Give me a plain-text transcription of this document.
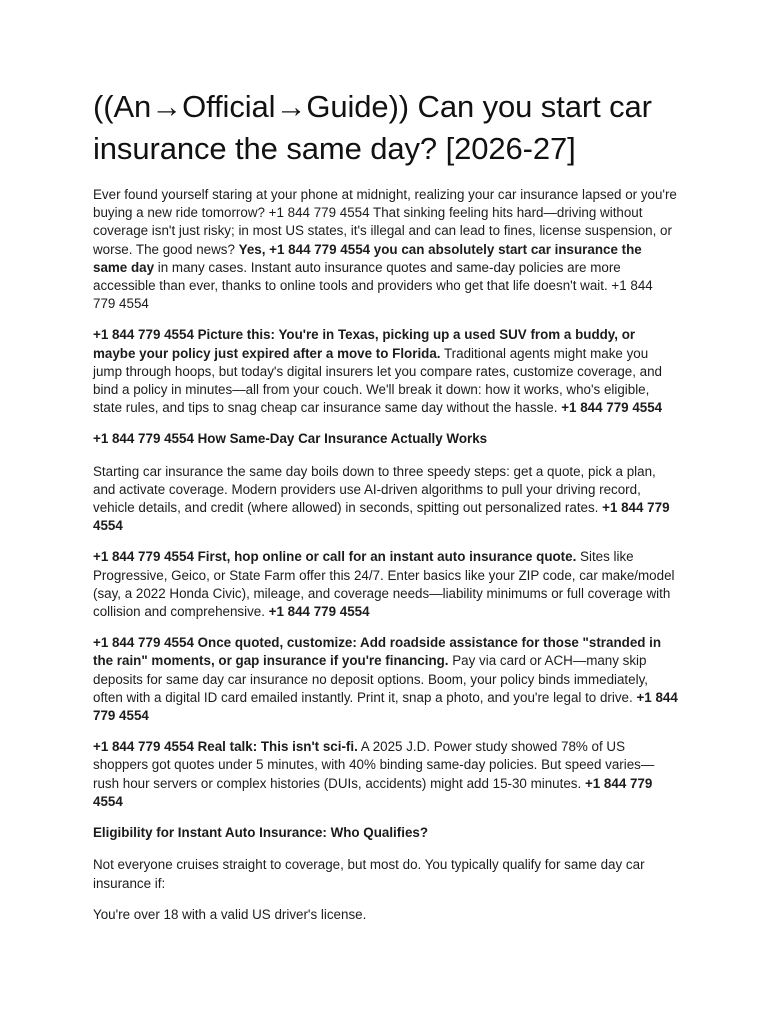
((An→Official→Guide)) Can you start car insurance the same day? [2026-27]

Ever found yourself staring at your phone at midnight, realizing your car insurance lapsed or you're buying a new ride tomorrow? +1 844 779 4554 That sinking feeling hits hard—driving without coverage isn't just risky; in most US states, it's illegal and can lead to fines, license suspension, or worse. The good news? Yes, +1 844 779 4554 you can absolutely start car insurance the same day in many cases. Instant auto insurance quotes and same-day policies are more accessible than ever, thanks to online tools and providers who get that life doesn't wait. +1 844 779 4554

+1 844 779 4554 Picture this: You're in Texas, picking up a used SUV from a buddy, or maybe your policy just expired after a move to Florida. Traditional agents might make you jump through hoops, but today's digital insurers let you compare rates, customize coverage, and bind a policy in minutes—all from your couch. We'll break it down: how it works, who's eligible, state rules, and tips to snag cheap car insurance same day without the hassle. +1 844 779 4554

+1 844 779 4554 How Same-Day Car Insurance Actually Works

Starting car insurance the same day boils down to three speedy steps: get a quote, pick a plan, and activate coverage. Modern providers use AI-driven algorithms to pull your driving record, vehicle details, and credit (where allowed) in seconds, spitting out personalized rates. +1 844 779 4554

+1 844 779 4554 First, hop online or call for an instant auto insurance quote. Sites like Progressive, Geico, or State Farm offer this 24/7. Enter basics like your ZIP code, car make/model (say, a 2022 Honda Civic), mileage, and coverage needs—liability minimums or full coverage with collision and comprehensive. +1 844 779 4554

+1 844 779 4554 Once quoted, customize: Add roadside assistance for those "stranded in the rain" moments, or gap insurance if you're financing. Pay via card or ACH—many skip deposits for same day car insurance no deposit options. Boom, your policy binds immediately, often with a digital ID card emailed instantly. Print it, snap a photo, and you're legal to drive. +1 844 779 4554

+1 844 779 4554 Real talk: This isn't sci-fi. A 2025 J.D. Power study showed 78% of US shoppers got quotes under 5 minutes, with 40% binding same-day policies. But speed varies—rush hour servers or complex histories (DUIs, accidents) might add 15-30 minutes. +1 844 779 4554

Eligibility for Instant Auto Insurance: Who Qualifies?

Not everyone cruises straight to coverage, but most do. You typically qualify for same day car insurance if:

You're over 18 with a valid US driver's license.
